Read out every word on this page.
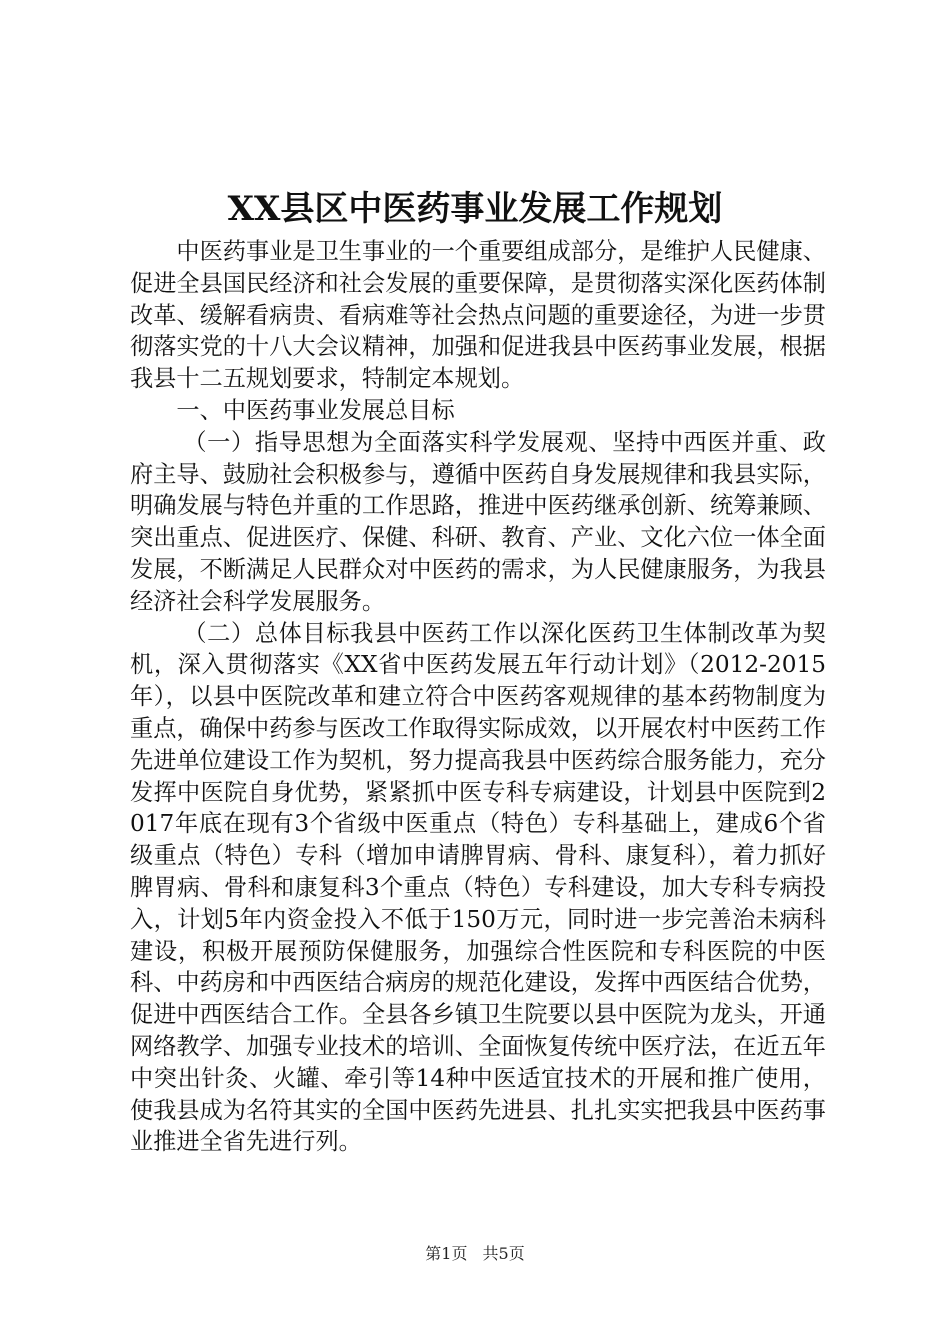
XX县区中医药事业发展工作规划

中医药事业是卫生事业的一个重要组成部分，是维护人民健康、促进全县国民经济和社会发展的重要保障，是贯彻落实深化医药体制改革、缓解看病贵、看病难等社会热点问题的重要途径，为进一步贯彻落实党的十八大会议精神，加强和促进我县中医药事业发展，根据我县十二五规划要求，特制定本规划。

一、中医药事业发展总目标

（一）指导思想为全面落实科学发展观、坚持中西医并重、政府主导、鼓励社会积极参与，遵循中医药自身发展规律和我县实际，明确发展与特色并重的工作思路，推进中医药继承创新、统筹兼顾、突出重点、促进医疗、保健、科研、教育、产业、文化六位一体全面发展，不断满足人民群众对中医药的需求，为人民健康服务，为我县经济社会科学发展服务。

（二）总体目标我县中医药工作以深化医药卫生体制改革为契机，深入贯彻落实《XX省中医药发展五年行动计划》（2012-2015年），以县中医院改革和建立符合中医药客观规律的基本药物制度为重点，确保中药参与医改工作取得实际成效，以开展农村中医药工作先进单位建设工作为契机，努力提高我县中医药综合服务能力，充分发挥中医院自身优势，紧紧抓中医专科专病建设，计划县中医院到2017年底在现有3个省级中医重点（特色）专科基础上，建成6个省级重点（特色）专科（增加申请脾胃病、骨科、康复科），着力抓好脾胃病、骨科和康复科3个重点（特色）专科建设，加大专科专病投入，计划5年内资金投入不低于150万元，同时进一步完善治未病科建设，积极开展预防保健服务，加强综合性医院和专科医院的中医科、中药房和中西医结合病房的规范化建设，发挥中西医结合优势，促进中西医结合工作。全县各乡镇卫生院要以县中医院为龙头，开通网络教学、加强专业技术的培训、全面恢复传统中医疗法，在近五年中突出针灸、火罐、牵引等14种中医适宜技术的开展和推广使用，使我县成为名符其实的全国中医药先进县、扎扎实实把我县中医药事业推进全省先进行列。

第1页 共5页
